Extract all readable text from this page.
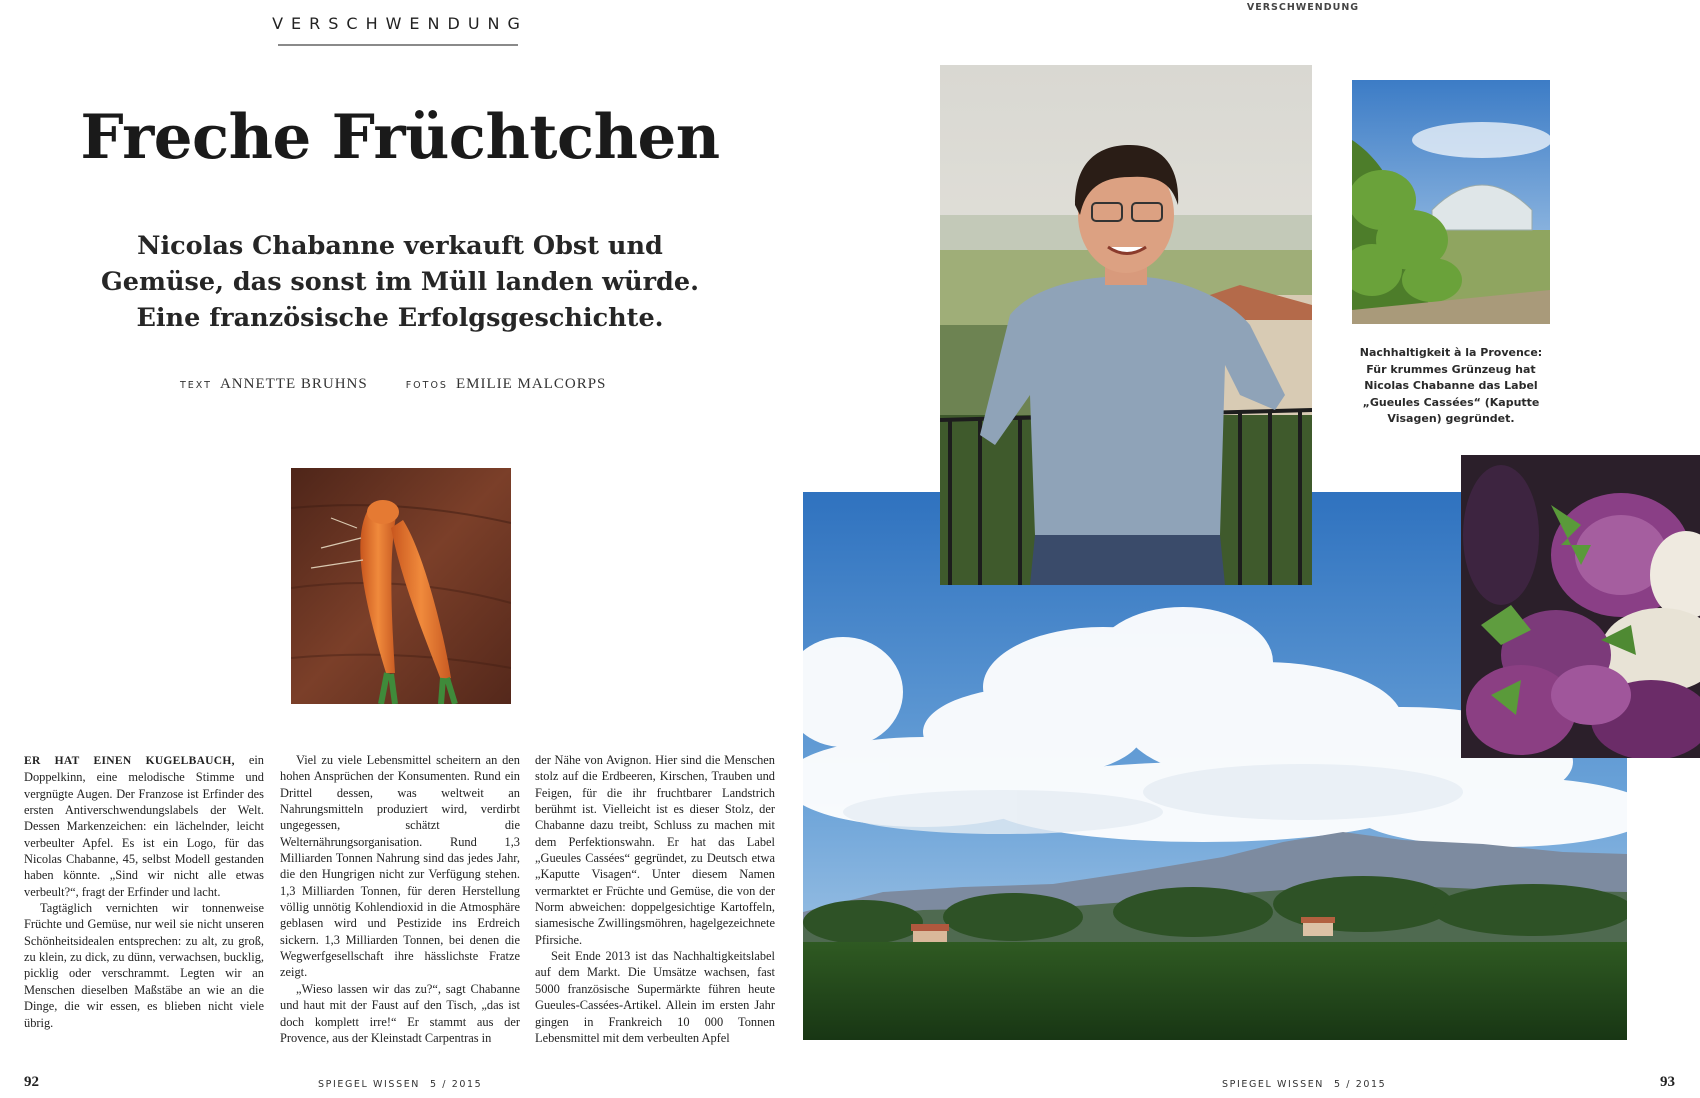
VERSCHWENDUNG
Freche Früchtchen
Nicolas Chabanne verkauft Obst und
Gemüse, das sonst im Müll landen würde.
Eine französische Erfolgsgeschichte.
TEXT ANNETTE BRUHNS	FOTOS EMILIE MALCORPS

ER HAT EINEN KUGELBAUCH, ein Doppelkinn, eine melodische Stimme und vergnügte Augen. Der Franzose ist Erfinder des ersten Antiverschwendungslabels der Welt. Dessen Markenzeichen: ein lächelnder, leicht verbeulter Apfel. Es ist ein Logo, für das Nicolas Chabanne, 45, selbst Modell gestanden haben könnte. „Sind wir nicht alle etwas verbeult?“, fragt der Erfinder und lacht.

Tagtäglich vernichten wir tonnenweise Früchte und Gemüse, nur weil sie nicht unseren Schönheitsidealen entsprechen: zu alt, zu groß, zu klein, zu dick, zu dünn, verwachsen, bucklig, picklig oder verschrammt. Legten wir an Menschen dieselben Maßstäbe an wie an die Dinge, die wir essen, es blieben nicht viele übrig.

Viel zu viele Lebensmittel scheitern an den hohen Ansprüchen der Konsumenten. Rund ein Drittel dessen, was weltweit an Nahrungsmitteln produziert wird, verdirbt ungegessen, schätzt die Welternährungsorganisation. Rund 1,3 Milliarden Tonnen Nahrung sind das jedes Jahr, die den Hungrigen nicht zur Verfügung stehen. 1,3 Milliarden Tonnen, für deren Herstellung völlig unnötig Kohlendioxid in die Atmosphäre geblasen wird und Pestizide ins Erdreich sickern. 1,3 Milliarden Tonnen, bei denen die Wegwerfgesellschaft ihre hässlichste Fratze zeigt.

„Wieso lassen wir das zu?“, sagt Chabanne und haut mit der Faust auf den Tisch, „das ist doch komplett irre!“ Er stammt aus der Provence, aus der Kleinstadt Carpentras in

der Nähe von Avignon. Hier sind die Menschen stolz auf die Erdbeeren, Kirschen, Trauben und Feigen, für die ihr fruchtbarer Landstrich berühmt ist. Vielleicht ist es dieser Stolz, der Chabanne dazu treibt, Schluss zu machen mit dem Perfektionswahn. Er hat das Label „Gueules Cassées“ gegründet, zu Deutsch etwa „Kaputte Visagen“. Unter diesem Namen vermarktet er Früchte und Gemüse, die von der Norm abweichen: doppelgesichtige Kartoffeln, siamesische Zwillingsmöhren, hagelgezeichnete Pfirsiche.

Seit Ende 2013 ist das Nachhaltigkeitslabel auf dem Markt. Die Umsätze wachsen, fast 5000 französische Supermärkte führen heute Gueules-Cassées-Artikel. Allein im ersten Jahr gingen in Frankreich 10 000 Tonnen Lebensmittel mit dem verbeulten Apfel

92	SPIEGEL WISSEN 5 / 2015
VERSCHWENDUNG
Nachhaltigkeit à la Provence:
Für krummes Grünzeug hat
Nicolas Chabanne das Label
„Gueules Cassées“ (Kaputte
Visagen) gegründet.
SPIEGEL WISSEN 5 / 2015	93
